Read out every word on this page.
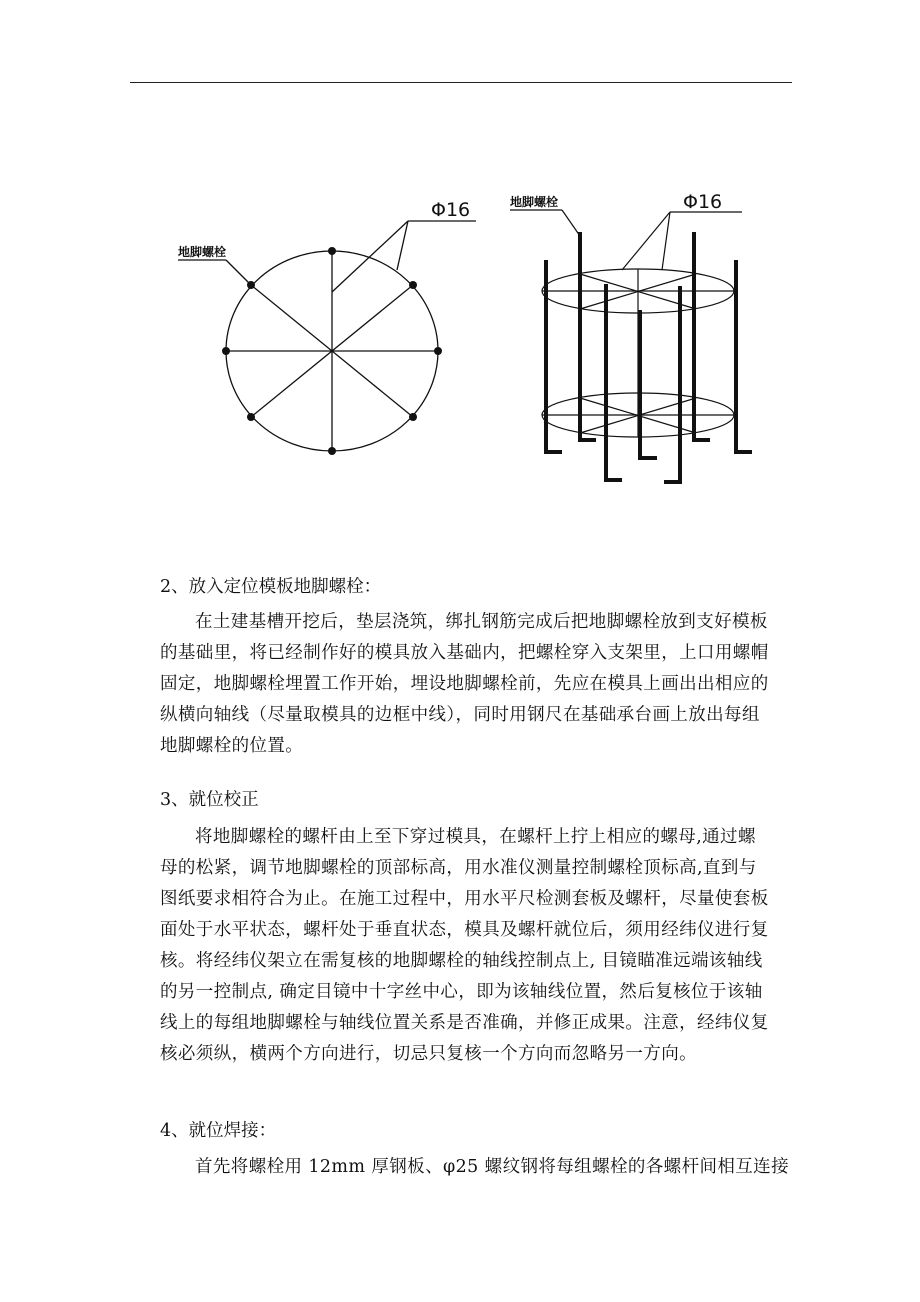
地脚螺栓
Φ16	地脚螺栓	Φ16
2、放入定位模板地脚螺栓：
在土建基槽开挖后，垫层浇筑，绑扎钢筋完成后把地脚螺栓放到支好模板
的基础里，将已经制作好的模具放入基础内，把螺栓穿入支架里，上口用螺帽
固定，地脚螺栓埋置工作开始，埋设地脚螺栓前，先应在模具上画出出相应的
纵横向轴线（尽量取模具的边框中线），同时用钢尺在基础承台画上放出每组
地脚螺栓的位置。
3、就位校正
将地脚螺栓的螺杆由上至下穿过模具，在螺杆上拧上相应的螺母,通过螺
母的松紧，调节地脚螺栓的顶部标高，用水准仪测量控制螺栓顶标高,直到与
图纸要求相符合为止。在施工过程中，用水平尺检测套板及螺杆，尽量使套板
面处于水平状态，螺杆处于垂直状态，模具及螺杆就位后，须用经纬仪进行复
核。将经纬仪架立在需复核的地脚螺栓的轴线控制点上, 目镜瞄准远端该轴线
的另一控制点, 确定目镜中十字丝中心，即为该轴线位置，然后复核位于该轴
线上的每组地脚螺栓与轴线位置关系是否准确，并修正成果。注意，经纬仪复
核必须纵，横两个方向进行，切忌只复核一个方向而忽略另一方向。
4、就位焊接：
首先将螺栓用 12mm 厚钢板、φ25 螺纹钢将每组螺栓的各螺杆间相互连接
